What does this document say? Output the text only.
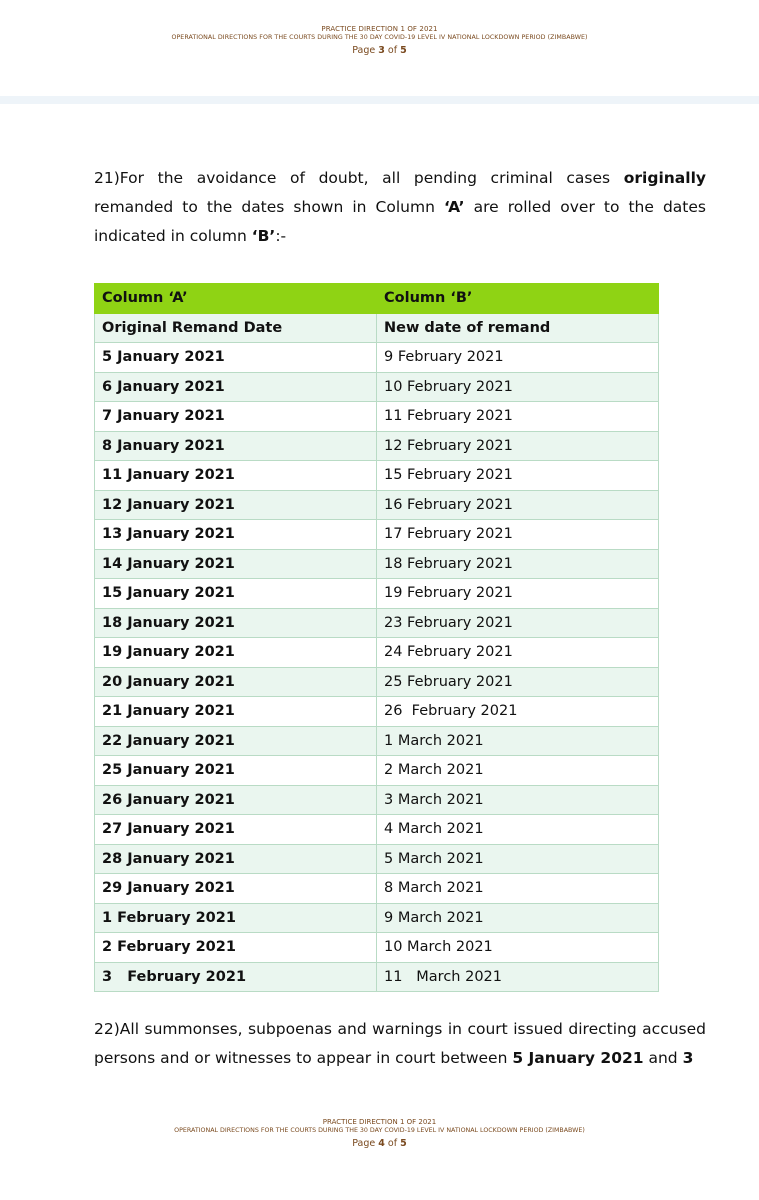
PRACTICE DIRECTION 1 OF 2021
OPERATIONAL DIRECTIONS FOR THE COURTS DURING THE 30 DAY COVID-19 LEVEL IV NATIONAL LOCKDOWN PERIOD (ZIMBABWE)
Page 3 of 5
21)For the avoidance of doubt, all pending criminal cases originally remanded to the dates shown in Column ‘A’ are rolled over to the dates indicated in column ‘B’:-
Column ‘A’	Column ‘B’
Original Remand Date	New date of remand
5 January 2021	9 February 2021
6 January 2021	10 February 2021
7 January 2021	11 February 2021
8 January 2021	12 February 2021
11 January 2021	15 February 2021
12 January 2021	16 February 2021
13 January 2021	17 February 2021
14 January 2021	18 February 2021
15 January 2021	19 February 2021
18 January 2021	23 February 2021
19 January 2021	24 February 2021
20 January 2021	25 February 2021
21 January 2021	26  February 2021
22 January 2021	1 March 2021
25 January 2021	2 March 2021
26 January 2021	3 March 2021
27 January 2021	4 March 2021
28 January 2021	5 March 2021
29 January 2021	8 March 2021
1 February 2021	9 March 2021
2 February 2021	10 March 2021
3   February 2021	11   March 2021
22)All summonses, subpoenas and warnings in court issued directing accused persons and or witnesses to appear in court between 5 January 2021 and 3
PRACTICE DIRECTION 1 OF 2021
OPERATIONAL DIRECTIONS FOR THE COURTS DURING THE 30 DAY COVID-19 LEVEL IV NATIONAL LOCKDOWN PERIOD (ZIMBABWE)
Page 4 of 5
